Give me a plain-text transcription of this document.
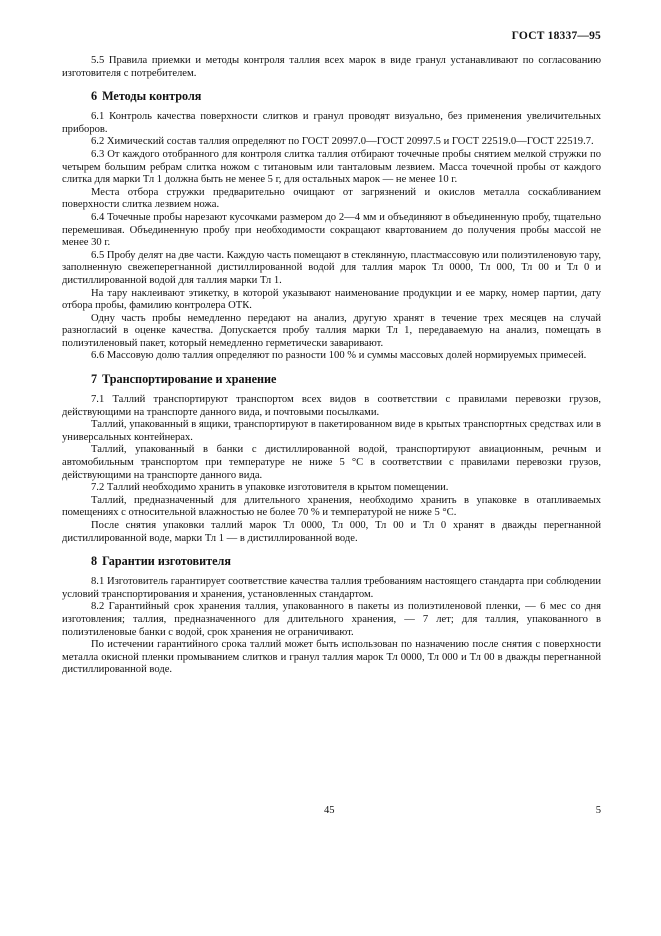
ГОСТ 18337—95

5.5 Правила приемки и методы контроля таллия всех марок в виде гранул устанавливают по согласованию изготовителя с потребителем.

6 Методы контроля

6.1 Контроль качества поверхности слитков и гранул проводят визуально, без применения увеличительных приборов.

6.2 Химический состав таллия определяют по ГОСТ 20997.0—ГОСТ 20997.5 и ГОСТ 22519.0—ГОСТ 22519.7.

6.3 От каждого отобранного для контроля слитка таллия отбирают точечные пробы снятием мелкой стружки по четырем большим ребрам слитка ножом с титановым или танталовым лезвием. Масса точечной пробы от каждого слитка для марки Тл 1 должна быть не менее 5 г, для остальных марок — не менее 10 г.

Места отбора стружки предварительно очищают от загрязнений и окислов металла соскабливанием поверхности слитка лезвием ножа.

6.4 Точечные пробы нарезают кусочками размером до 2—4 мм и объединяют в объединенную пробу, тщательно перемешивая. Объединенную пробу при необходимости сокращают квартованием до получения пробы массой не менее 30 г.

6.5 Пробу делят на две части. Каждую часть помещают в стеклянную, пластмассовую или полиэтиленовую тару, заполненную свежеперегнанной дистиллированной водой для таллия марок Тл 0000, Тл 000, Тл 00 и Тл 0 и дистиллированной водой для таллия марки Тл 1.

На тару наклеивают этикетку, в которой указывают наименование продукции и ее марку, номер партии, дату отбора пробы, фамилию контролера ОТК.

Одну часть пробы немедленно передают на анализ, другую хранят в течение трех месяцев на случай разногласий в оценке качества. Допускается пробу таллия марки Тл 1, передаваемую на анализ, помещать в полиэтиленовый пакет, который немедленно герметически заваривают.

6.6 Массовую долю таллия определяют по разности 100 % и суммы массовых долей нормируемых примесей.

7 Транспортирование и хранение

7.1 Таллий транспортируют транспортом всех видов в соответствии с правилами перевозки грузов, действующими на транспорте данного вида, и почтовыми посылками.

Таллий, упакованный в ящики, транспортируют в пакетированном виде в крытых транспортных средствах или в универсальных контейнерах.

Таллий, упакованный в банки с дистиллированной водой, транспортируют авиационным, речным и автомобильным транспортом при температуре не ниже 5 °С в соответствии с правилами перевозки грузов, действующими на транспорте данного вида.

7.2 Таллий необходимо хранить в упаковке изготовителя в крытом помещении.

Таллий, предназначенный для длительного хранения, необходимо хранить в упаковке в отапливаемых помещениях с относительной влажностью не более 70 % и температурой не ниже 5 °С.

После снятия упаковки таллий марок Тл 0000, Тл 000, Тл 00 и Тл 0 хранят в дважды перегнанной дистиллированной воде, марки Тл 1 — в дистиллированной воде.

8 Гарантии изготовителя

8.1 Изготовитель гарантирует соответствие качества таллия требованиям настоящего стандарта при соблюдении условий транспортирования и хранения, установленных стандартом.

8.2 Гарантийный срок хранения таллия, упакованного в пакеты из полиэтиленовой пленки, — 6 мес со дня изготовления; таллия, предназначенного для длительного хранения, — 7 лет; для таллия, упакованного в полиэтиленовые банки с водой, срок хранения не ограничивают.

По истечении гарантийного срока таллий может быть использован по назначению после снятия с поверхности металла окисной пленки промыванием слитков и гранул таллия марок Тл 0000, Тл 000 и Тл 00 в дважды перегнанной дистиллированной воде.

45	5
